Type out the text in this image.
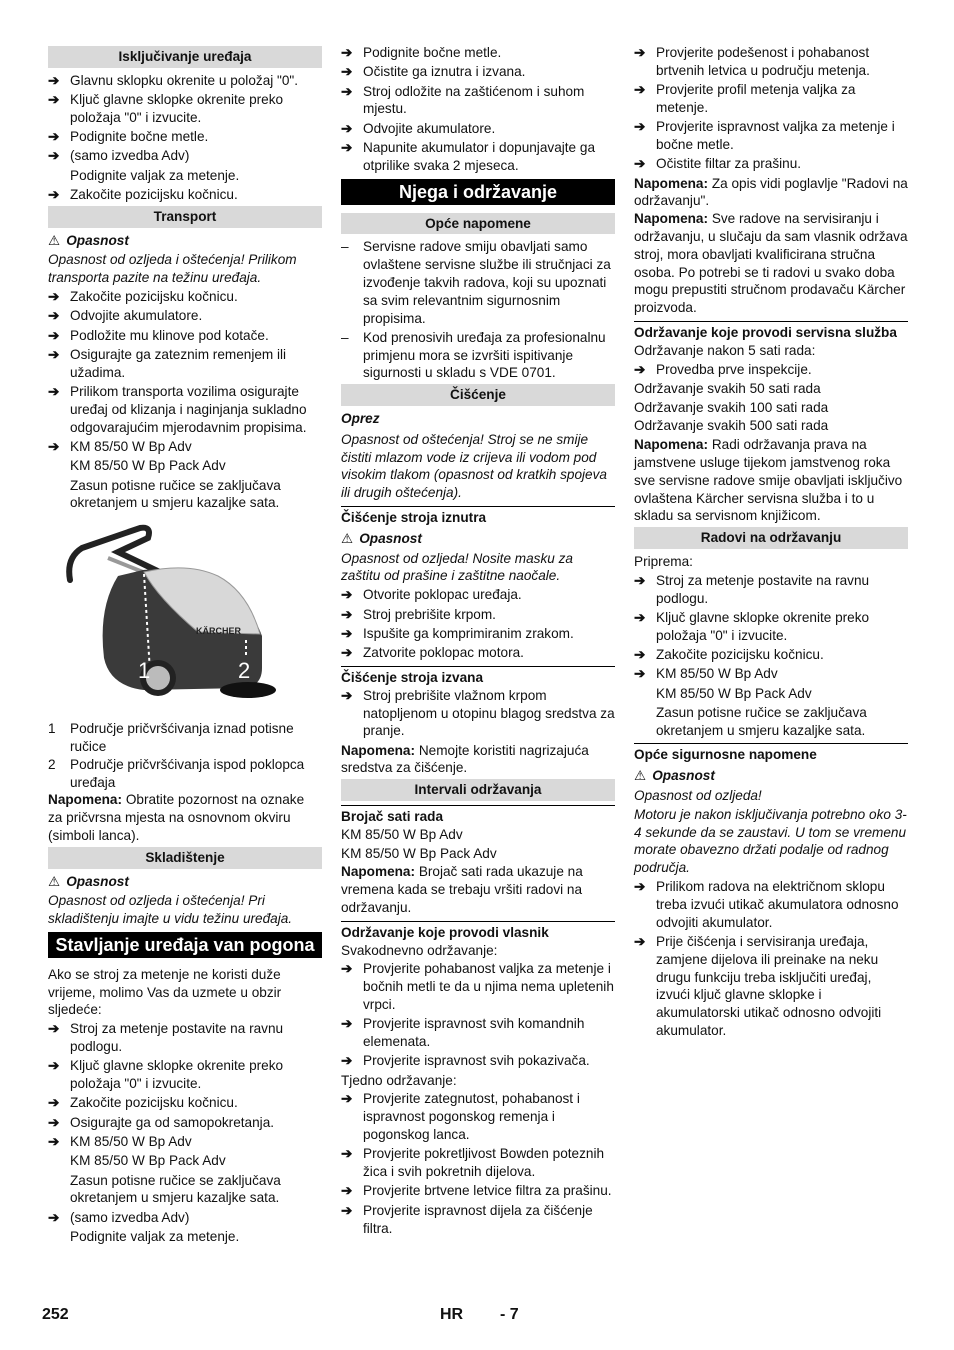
Isključivanje uređaja
➔ Glavnu sklopku okrenite u položaj "0".
➔ Ključ glavne sklopke okrenite preko položaja "0" i izvucite.
➔ Podignite bočne metle.
➔ (samo izvedba Adv)
Podignite valjak za metenje.
➔ Zakočite pozicijsku kočnicu.
Transport
⚠ Opasnost
Opasnost od ozljeda i oštećenja! Prilikom transporta pazite na težinu uređaja.
➔ Zakočite pozicijsku kočnicu.
➔ Odvojite akumulatore.
➔ Podložite mu klinove pod kotače.
➔ Osigurajte ga zateznim remenjem ili užadima.
➔ Prilikom transporta vozilima osigurajte uređaj od klizanja i naginjanja sukladno odgovarajućim mjerodavnim propisima.
➔ KM 85/50 W Bp Adv
KM 85/50 W Bp Pack Adv
Zasun potisne ručice se zaključava okretanjem u smjeru kazaljke sata.
KÄRCHER
1	2
1 Područje pričvršćivanja iznad potisne ručice
2 Područje pričvršćivanja ispod poklopca uređaja
Napomena: Obratite pozornost na oznake za pričvrsna mjesta na osnovnom okviru (simboli lanca).
Skladištenje
⚠ Opasnost
Opasnost od ozljeda i oštećenja! Pri skladištenju imajte u vidu težinu uređaja.
Stavljanje uređaja van pogona
Ako se stroj za metenje ne koristi duže vrijeme, molimo Vas da uzmete u obzir sljedeće:
➔ Stroj za metenje postavite na ravnu podlogu.
➔ Ključ glavne sklopke okrenite preko položaja "0" i izvucite.
➔ Zakočite pozicijsku kočnicu.
➔ Osigurajte ga od samopokretanja.
➔ KM 85/50 W Bp Adv
KM 85/50 W Bp Pack Adv
Zasun potisne ručice se zaključava okretanjem u smjeru kazaljke sata.
➔ (samo izvedba Adv)
Podignite valjak za metenje.
➔ Podignite bočne metle.
➔ Očistite ga iznutra i izvana.
➔ Stroj odložite na zaštićenom i suhom mjestu.
➔ Odvojite akumulatore.
➔ Napunite akumulator i dopunjavajte ga otprilike svaka 2 mjeseca.
Njega i održavanje
Opće napomene
– Servisne radove smiju obavljati samo ovlaštene servisne službe ili stručnjaci za izvođenje takvih radova, koji su upoznati sa svim relevantnim sigurnosnim propisima.
– Kod prenosivih uređaja za profesionalnu primjenu mora se izvršiti ispitivanje sigurnosti u skladu s VDE 0701.
Čišćenje
Oprez
Opasnost od oštećenja! Stroj se ne smije čistiti mlazom vode iz crijeva ili vodom pod visokim tlakom (opasnost od kratkih spojeva ili drugih oštećenja).
Čišćenje stroja iznutra
⚠ Opasnost
Opasnost od ozljeda! Nosite masku za zaštitu od prašine i zaštitne naočale.
➔ Otvorite poklopac uređaja.
➔ Stroj prebrišite krpom.
➔ Ispušite ga komprimiranim zrakom.
➔ Zatvorite poklopac motora.
Čišćenje stroja izvana
➔ Stroj prebrišite vlažnom krpom natopljenom u otopinu blagog sredstva za pranje.
Napomena: Nemojte koristiti nagrizajuća sredstva za čišćenje.
Intervali održavanja
Brojač sati rada
KM 85/50 W Bp Adv
KM 85/50 W Bp Pack Adv
Napomena: Brojač sati rada ukazuje na vremena kada se trebaju vršiti radovi na održavanju.
Održavanje koje provodi vlasnik
Svakodnevno održavanje:
➔ Provjerite pohabanost valjka za metenje i bočnih metli te da u njima nema upletenih vrpci.
➔ Provjerite ispravnost svih komandnih elemenata.
➔ Provjerite ispravnost svih pokazivača.
Tjedno održavanje:
➔ Provjerite zategnutost, pohabanost i ispravnost pogonskog remenja i pogonskog lanca.
➔ Provjerite pokretljivost Bowden poteznih žica i svih pokretnih dijelova.
➔ Provjerite brtvene letvice filtra za prašinu.
➔ Provjerite ispravnost dijela za čišćenje filtra.
➔ Provjerite podešenost i pohabanost brtvenih letvica u području metenja.
➔ Provjerite profil metenja valjka za metenje.
➔ Provjerite ispravnost valjka za metenje i bočne metle.
➔ Očistite filtar za prašinu.
Napomena: Za opis vidi poglavlje "Radovi na održavanju".
Napomena: Sve radove na servisiranju i održavanju, u slučaju da sam vlasnik održava stroj, mora obavljati kvalificirana stručna osoba. Po potrebi se ti radovi u svako doba mogu prepustiti stručnom prodavaču Kärcher proizvoda.
Održavanje koje provodi servisna služba
Održavanje nakon 5 sati rada:
➔ Provedba prve inspekcije.
Održavanje svakih 50 sati rada
Održavanje svakih 100 sati rada
Održavanje svakih 500 sati rada
Napomena: Radi održavanja prava na jamstvene usluge tijekom jamstvenog roka sve servisne radove smije obavljati isključivo ovlaštena Kärcher servisna služba i to u skladu sa servisnom knjižicom.
Radovi na održavanju
Priprema:
➔ Stroj za metenje postavite na ravnu podlogu.
➔ Ključ glavne sklopke okrenite preko položaja "0" i izvucite.
➔ Zakočite pozicijsku kočnicu.
➔ KM 85/50 W Bp Adv
KM 85/50 W Bp Pack Adv
Zasun potisne ručice se zaključava okretanjem u smjeru kazaljke sata.
Opće sigurnosne napomene
⚠ Opasnost
Opasnost od ozljeda!
Motoru je nakon isključivanja potrebno oko 3-4 sekunde da se zaustavi. U tom se vremenu morate obavezno držati podalje od radnog područja.
➔ Prilikom radova na električnom sklopu treba izvući utikač akumulatora odnosno odvojiti akumulator.
➔ Prije čišćenja i servisiranja uređaja, zamjene dijelova ili preinake na neku drugu funkciju treba isključiti uređaj, izvući ključ glavne sklopke i akumulatorski utikač odnosno odvojiti akumulator.
252	HR - 7
